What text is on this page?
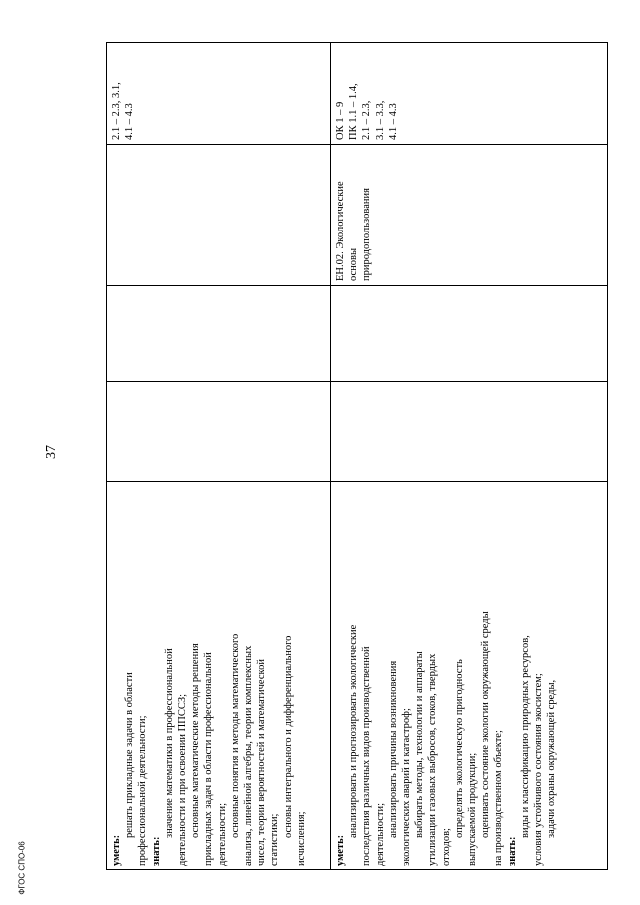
37
ФГОС СПО-06	уметь:
решать прикладные задачи в области профессиональной деятельности; знать:
значение математики в профессиональной деятельности и при освоении ППССЗ; основные математические методы решения прикладных задач в области профессиональной деятельности; основные понятия и методы математического анализа, линейной алгебры, теории комплексных чисел, теории вероятностей и математической статистики;
основы интегрального и дифференциального
исчисления;
2.1 – 2.3, 3.1, 4.1 – 4.3
уметь:
анализировать и прогнозировать экологические последствия различных видов производственной деятельности; анализировать причины возникновения экологических аварий и катастроф; выбирать методы, технологии и аппараты утилизации газовых выбросов, стоков, твердых отходов;
определять экологическую пригодность выпускаемой продукции; оценивать состояние экологии окружающей среды на производственном объекте; знать:
виды и классификацию природных ресурсов, условия устойчивого состояния экосистем; задачи охраны окружающей среды,
ЕН.02. Экологические основы природопользования
ОК 1 – 9 ПК 1.1 – 1.4, 2.1 – 2.3, 3.1 – 3.3, 4.1 – 4.3
